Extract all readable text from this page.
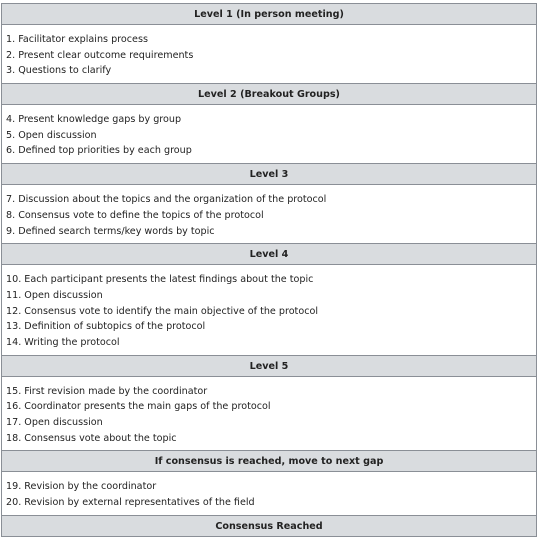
Level 1 (In person meeting)
1. Facilitator explains process
2. Present clear outcome requirements
3. Questions to clarify
Level 2 (Breakout Groups)
4. Present knowledge gaps by group
5. Open discussion
6. Defined top priorities by each group
Level 3
7. Discussion about the topics and the organization of the protocol
8. Consensus vote to define the topics of the protocol
9. Defined search terms/key words by topic
Level 4
10. Each participant presents the latest findings about the topic
11. Open discussion
12. Consensus vote to identify the main objective of the protocol
13. Definition of subtopics of the protocol
14. Writing the protocol
Level 5
15. First revision made by the coordinator
16. Coordinator presents the main gaps of the protocol
17. Open discussion
18. Consensus vote about the topic
If consensus is reached, move to next gap
19. Revision by the coordinator
20. Revision by external representatives of the field
Consensus Reached
